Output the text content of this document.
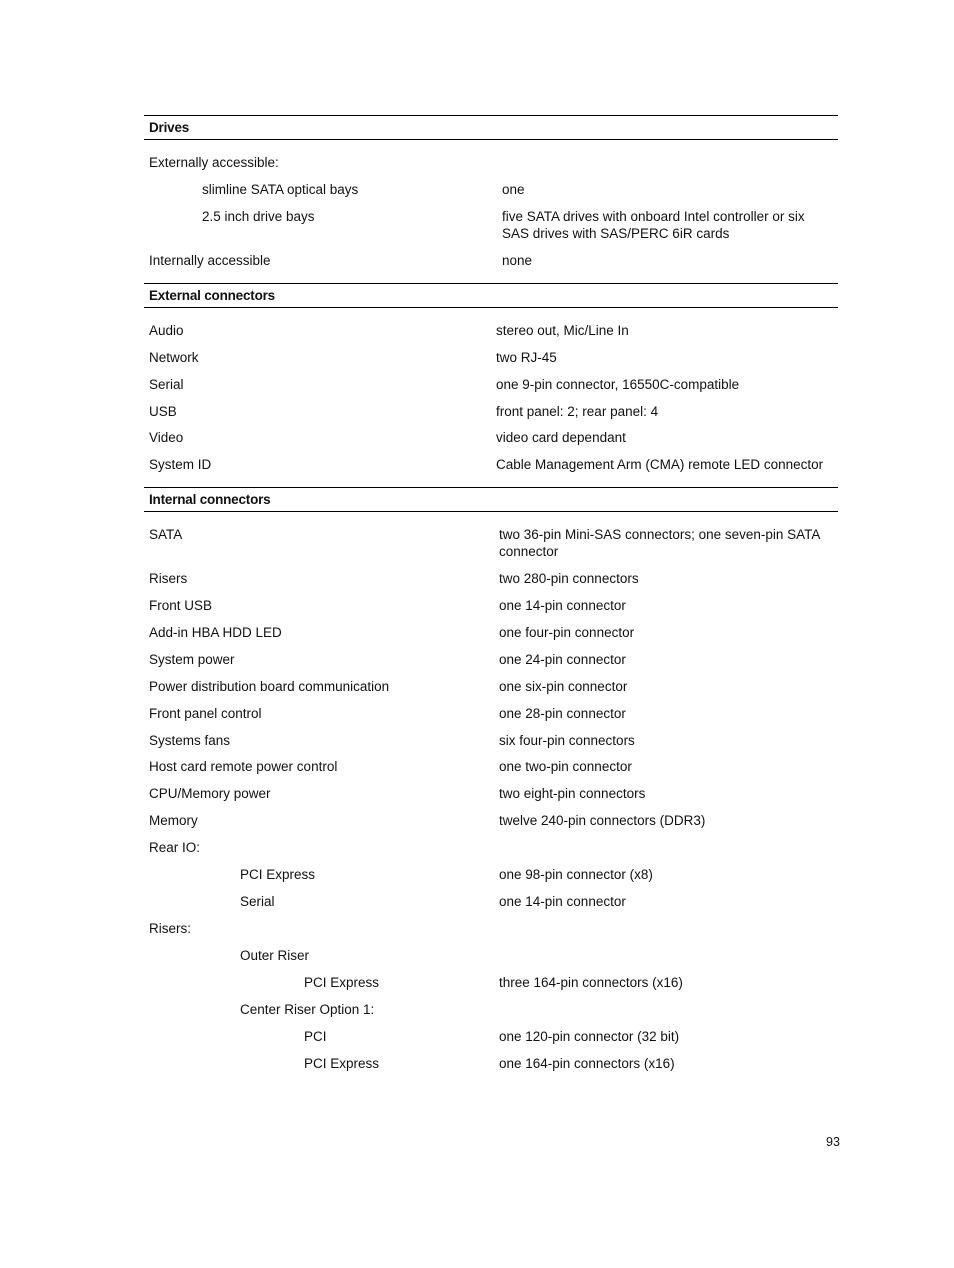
Drives
Externally accessible:
slimline SATA optical bays	one
2.5 inch drive bays	five SATA drives with onboard Intel controller or six SAS drives with SAS/PERC 6iR cards
Internally accessible	none
External connectors
Audio	stereo out, Mic/Line In
Network	two RJ-45
Serial	one 9-pin connector, 16550C-compatible
USB	front panel: 2; rear panel: 4
Video	video card dependant
System ID	Cable Management Arm (CMA) remote LED connector
Internal connectors
SATA	two 36-pin Mini-SAS connectors; one seven-pin SATA connector
Risers	two 280-pin connectors
Front USB	one 14-pin connector
Add-in HBA HDD LED	one four-pin connector
System power	one 24-pin connector
Power distribution board communication	one six-pin connector
Front panel control	one 28-pin connector
Systems fans	six four-pin connectors
Host card remote power control	one two-pin connector
CPU/Memory power	two eight-pin connectors
Memory	twelve 240-pin connectors (DDR3)
Rear IO:
PCI Express	one 98-pin connector (x8)
Serial	one 14-pin connector
Risers:
Outer Riser
PCI Express	three 164-pin connectors (x16)
Center Riser Option 1:
PCI	one 120-pin connector (32 bit)
PCI Express	one 164-pin connectors (x16)
93
